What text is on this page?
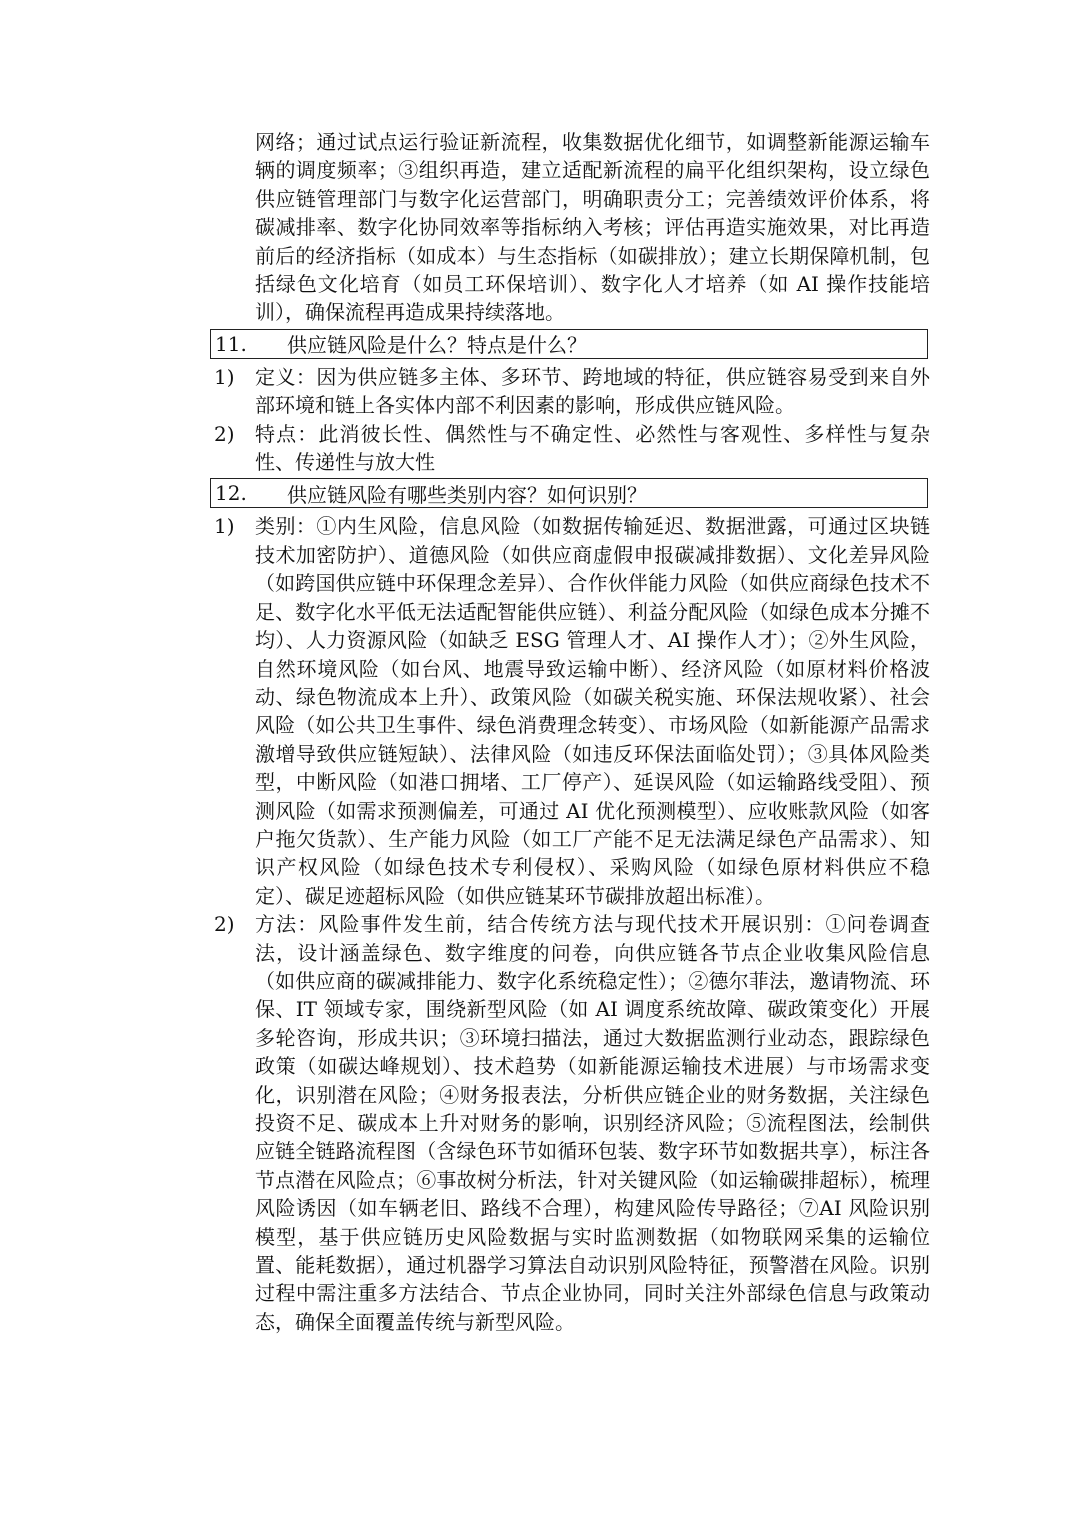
网络；通过试点运行验证新流程，收集数据优化细节，如调整新能源运输车辆的调度频率；③组织再造，建立适配新流程的扁平化组织架构，设立绿色供应链管理部门与数字化运营部门，明确职责分工；完善绩效评价体系，将碳减排率、数字化协同效率等指标纳入考核；评估再造实施效果，对比再造前后的经济指标（如成本）与生态指标（如碳排放）；建立长期保障机制，包括绿色文化培育（如员工环保培训）、数字化人才培养（如 AI 操作技能培训），确保流程再造成果持续落地。

11.	供应链风险是什么？特点是什么？
1)	定义：因为供应链多主体、多环节、跨地域的特征，供应链容易受到来自外部环境和链上各实体内部不利因素的影响，形成供应链风险。

2)	特点：此消彼长性、偶然性与不确定性、必然性与客观性、多样性与复杂性、传递性与放大性

12.	供应链风险有哪些类别内容？如何识别？
1)	类别：①内生风险，信息风险（如数据传输延迟、数据泄露，可通过区块链技术加密防护）、道德风险（如供应商虚假申报碳减排数据）、文化差异风险（如跨国供应链中环保理念差异）、合作伙伴能力风险（如供应商绿色技术不足、数字化水平低无法适配智能供应链）、利益分配风险（如绿色成本分摊不均）、人力资源风险（如缺乏 ESG 管理人才、AI 操作人才）；②外生风险，自然环境风险（如台风、地震导致运输中断）、经济风险（如原材料价格波动、绿色物流成本上升）、政策风险（如碳关税实施、环保法规收紧）、社会风险（如公共卫生事件、绿色消费理念转变）、市场风险（如新能源产品需求激增导致供应链短缺）、法律风险（如违反环保法面临处罚）；③具体风险类型，中断风险（如港口拥堵、工厂停产）、延误风险（如运输路线受阻）、预测风险（如需求预测偏差，可通过 AI 优化预测模型）、应收账款风险（如客户拖欠货款）、生产能力风险（如工厂产能不足无法满足绿色产品需求）、知识产权风险（如绿色技术专利侵权）、采购风险（如绿色原材料供应不稳定）、碳足迹超标风险（如供应链某环节碳排放超出标准）。

2)	方法：风险事件发生前，结合传统方法与现代技术开展识别：①问卷调查法，设计涵盖绿色、数字维度的问卷，向供应链各节点企业收集风险信息（如供应商的碳减排能力、数字化系统稳定性）；②德尔菲法，邀请物流、环保、IT 领域专家，围绕新型风险（如 AI 调度系统故障、碳政策变化）开展多轮咨询，形成共识；③环境扫描法，通过大数据监测行业动态，跟踪绿色政策（如碳达峰规划）、技术趋势（如新能源运输技术进展）与市场需求变化，识别潜在风险；④财务报表法，分析供应链企业的财务数据，关注绿色投资不足、碳成本上升对财务的影响，识别经济风险；⑤流程图法，绘制供应链全链路流程图（含绿色环节如循环包装、数字环节如数据共享），标注各节点潜在风险点；⑥事故树分析法，针对关键风险（如运输碳排超标），梳理风险诱因（如车辆老旧、路线不合理），构建风险传导路径；⑦AI 风险识别模型，基于供应链历史风险数据与实时监测数据（如物联网采集的运输位置、能耗数据），通过机器学习算法自动识别风险特征，预警潜在风险。识别过程中需注重多方法结合、节点企业协同，同时关注外部绿色信息与政策动态，确保全面覆盖传统与新型风险。
